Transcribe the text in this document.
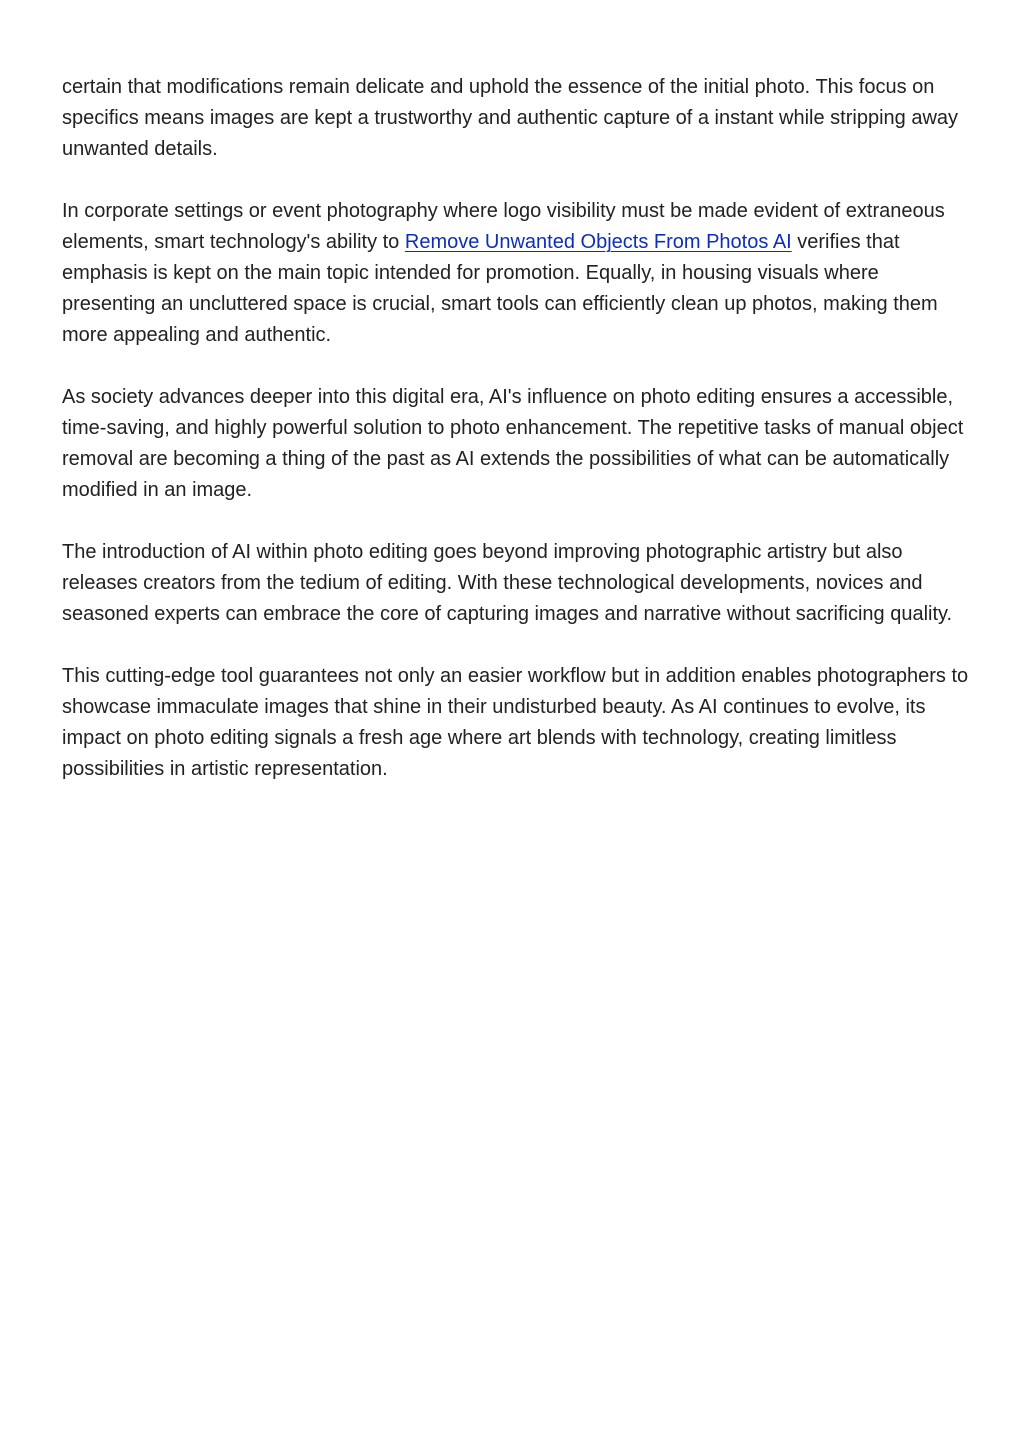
certain that modifications remain delicate and uphold the essence of the initial photo. This focus on specifics means images are kept a trustworthy and authentic capture of a instant while stripping away unwanted details.

In corporate settings or event photography where logo visibility must be made evident of extraneous elements, smart technology's ability to Remove Unwanted Objects From Photos AI verifies that emphasis is kept on the main topic intended for promotion. Equally, in housing visuals where presenting an uncluttered space is crucial, smart tools can efficiently clean up photos, making them more appealing and authentic.

As society advances deeper into this digital era, AI's influence on photo editing ensures a accessible, time-saving, and highly powerful solution to photo enhancement. The repetitive tasks of manual object removal are becoming a thing of the past as AI extends the possibilities of what can be automatically modified in an image.

The introduction of AI within photo editing goes beyond improving photographic artistry but also releases creators from the tedium of editing. With these technological developments, novices and seasoned experts can embrace the core of capturing images and narrative without sacrificing quality.

This cutting-edge tool guarantees not only an easier workflow but in addition enables photographers to showcase immaculate images that shine in their undisturbed beauty. As AI continues to evolve, its impact on photo editing signals a fresh age where art blends with technology, creating limitless possibilities in artistic representation.
